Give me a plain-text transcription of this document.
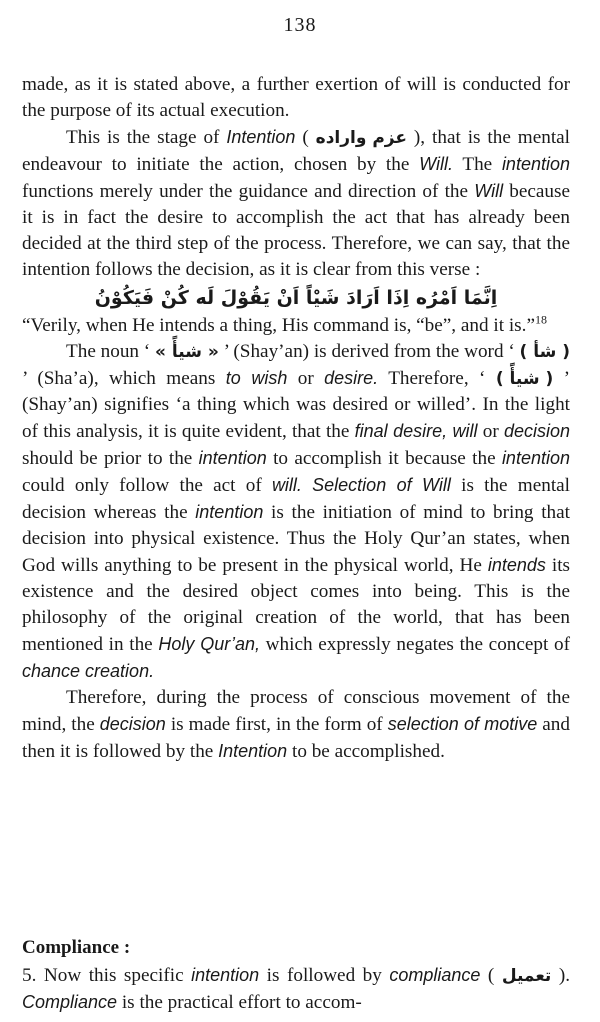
138

made, as it is stated above, a further exertion of will is conducted for the purpose of its actual execution.

This is the stage of Intention ( عزم واراده ), that is the mental endeavour to initiate the action, chosen by the Will. The intention functions merely under the guidance and direction of the Will because it is in fact the desire to accomplish the act that has already been decided at the third step of the process. Therefore, we can say, that the intention follows the decision, as it is clear from this verse :

اِنَّمَا اَمْرُه اِذَا اَرَادَ شَيْاً اَنْ يَقُوْلَ لَه كُنْ فَيَكُوْنُ

“Verily, when He intends a thing, His command is, “be”, and it is.”$^{18}$

The noun ‘ « شيأً » ’ (Shay’an) is derived from the word ‘ ( شأ ) ’ (Sha’a), which means to wish or desire. Therefore, ‘ ( شيأً ) ’ (Shay’an) signifies ‘a thing which was desired or willed’. In the light of this analysis, it is quite evident, that the final desire, will or decision should be prior to the intention to accomplish it because the intention could only follow the act of will. Selection of Will is the mental decision whereas the intention is the initiation of mind to bring that decision into physical existence. Thus the Holy Qur’an states, when God wills anything to be present in the physical world, He intends its existence and the desired object comes into being. This is the philosophy of the original creation of the world, that has been mentioned in the Holy Qur’an, which expressly negates the concept of chance creation.

Therefore, during the process of conscious movement of the mind, the decision is made first, in the form of selection of motive and then it is followed by the Intention to be accomplished.

Compliance :

5. Now this specific intention is followed by compliance ( تعميل ). Compliance is the practical effort to accom-
